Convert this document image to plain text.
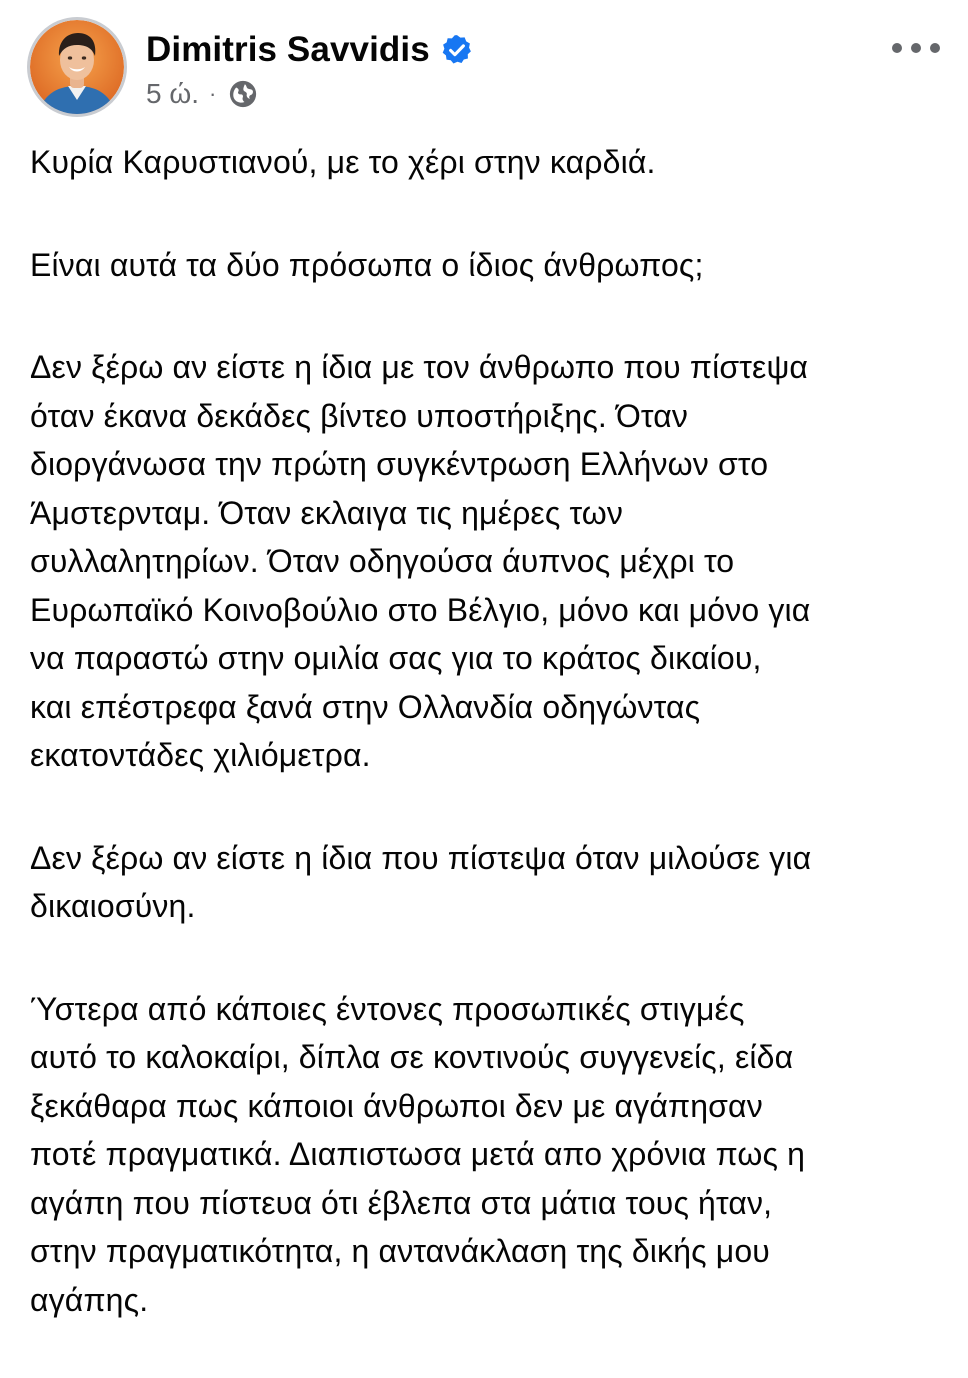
Dimitris Savvidis
5 ώ. ·

Κυρία Καρυστιανού, με το χέρι στην καρδιά.

Είναι αυτά τα δύο πρόσωπα ο ίδιος άνθρωπος;

Δεν ξέρω αν είστε η ίδια με τον άνθρωπο που πίστεψα
όταν έκανα δεκάδες βίντεο υποστήριξης. Όταν
διοργάνωσα την πρώτη συγκέντρωση Ελλήνων στο
Άμστερνταμ. Όταν εκλαιγα τις ημέρες των
συλλαλητηρίων. Όταν οδηγούσα άυπνος μέχρι το
Ευρωπαϊκό Κοινοβούλιο στο Βέλγιο, μόνο και μόνο για
να παραστώ στην ομιλία σας για το κράτος δικαίου,
και επέστρεφα ξανά στην Ολλανδία οδηγώντας
εκατοντάδες χιλιόμετρα.

Δεν ξέρω αν είστε η ίδια που πίστεψα όταν μιλούσε για
δικαιοσύνη.

Ύστερα από κάποιες έντονες προσωπικές στιγμές
αυτό το καλοκαίρι, δίπλα σε κοντινούς συγγενείς, είδα
ξεκάθαρα πως κάποιοι άνθρωποι δεν με αγάπησαν
ποτέ πραγματικά. Διαπιστωσα μετά απο χρόνια πως η
αγάπη που πίστευα ότι έβλεπα στα μάτια τους ήταν,
στην πραγματικότητα, η αντανάκλαση της δικής μου
αγάπης.
